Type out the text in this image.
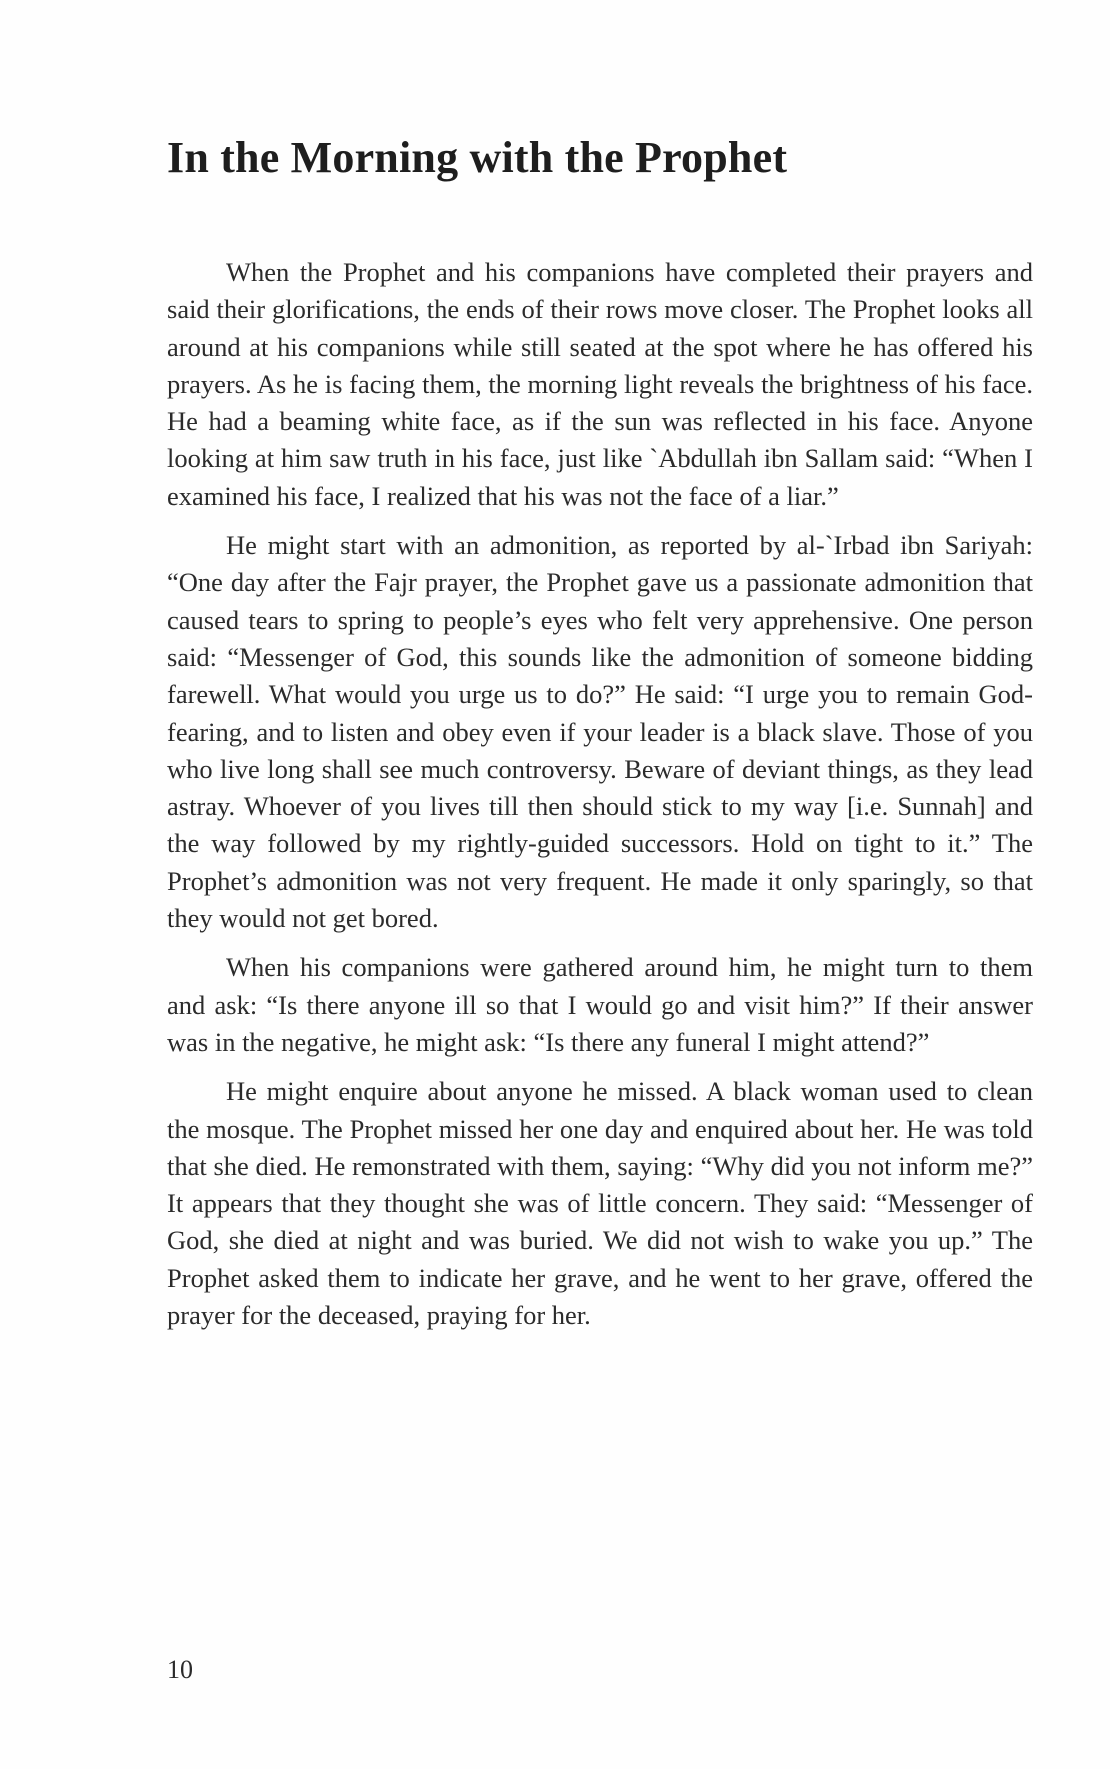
In the Morning with the Prophet

When the Prophet and his companions have completed their prayers and said their glorifications, the ends of their rows move closer. The Prophet looks all around at his companions while still seated at the spot where he has offered his prayers. As he is facing them, the morning light reveals the brightness of his face. He had a beaming white face, as if the sun was reflected in his face. Anyone looking at him saw truth in his face, just like `Abdullah ibn Sallam said: “When I examined his face, I realized that his was not the face of a liar.”

He might start with an admonition, as reported by al-`Irbad ibn Sariyah: “One day after the Fajr prayer, the Prophet gave us a passionate admonition that caused tears to spring to people’s eyes who felt very apprehensive. One person said: “Messenger of God, this sounds like the admonition of someone bidding farewell. What would you urge us to do?” He said: “I urge you to remain God-fearing, and to listen and obey even if your leader is a black slave. Those of you who live long shall see much controversy. Beware of deviant things, as they lead astray. Whoever of you lives till then should stick to my way [i.e. Sunnah] and the way followed by my rightly-guided successors. Hold on tight to it.” The Prophet’s admonition was not very frequent. He made it only sparingly, so that they would not get bored.

When his companions were gathered around him, he might turn to them and ask: “Is there anyone ill so that I would go and visit him?” If their answer was in the negative, he might ask: “Is there any funeral I might attend?”

He might enquire about anyone he missed. A black woman used to clean the mosque. The Prophet missed her one day and enquired about her. He was told that she died. He remonstrated with them, saying: “Why did you not inform me?” It appears that they thought she was of little concern. They said: “Messenger of God, she died at night and was buried. We did not wish to wake you up.” The Prophet asked them to indicate her grave, and he went to her grave, offered the prayer for the deceased, praying for her.

10
